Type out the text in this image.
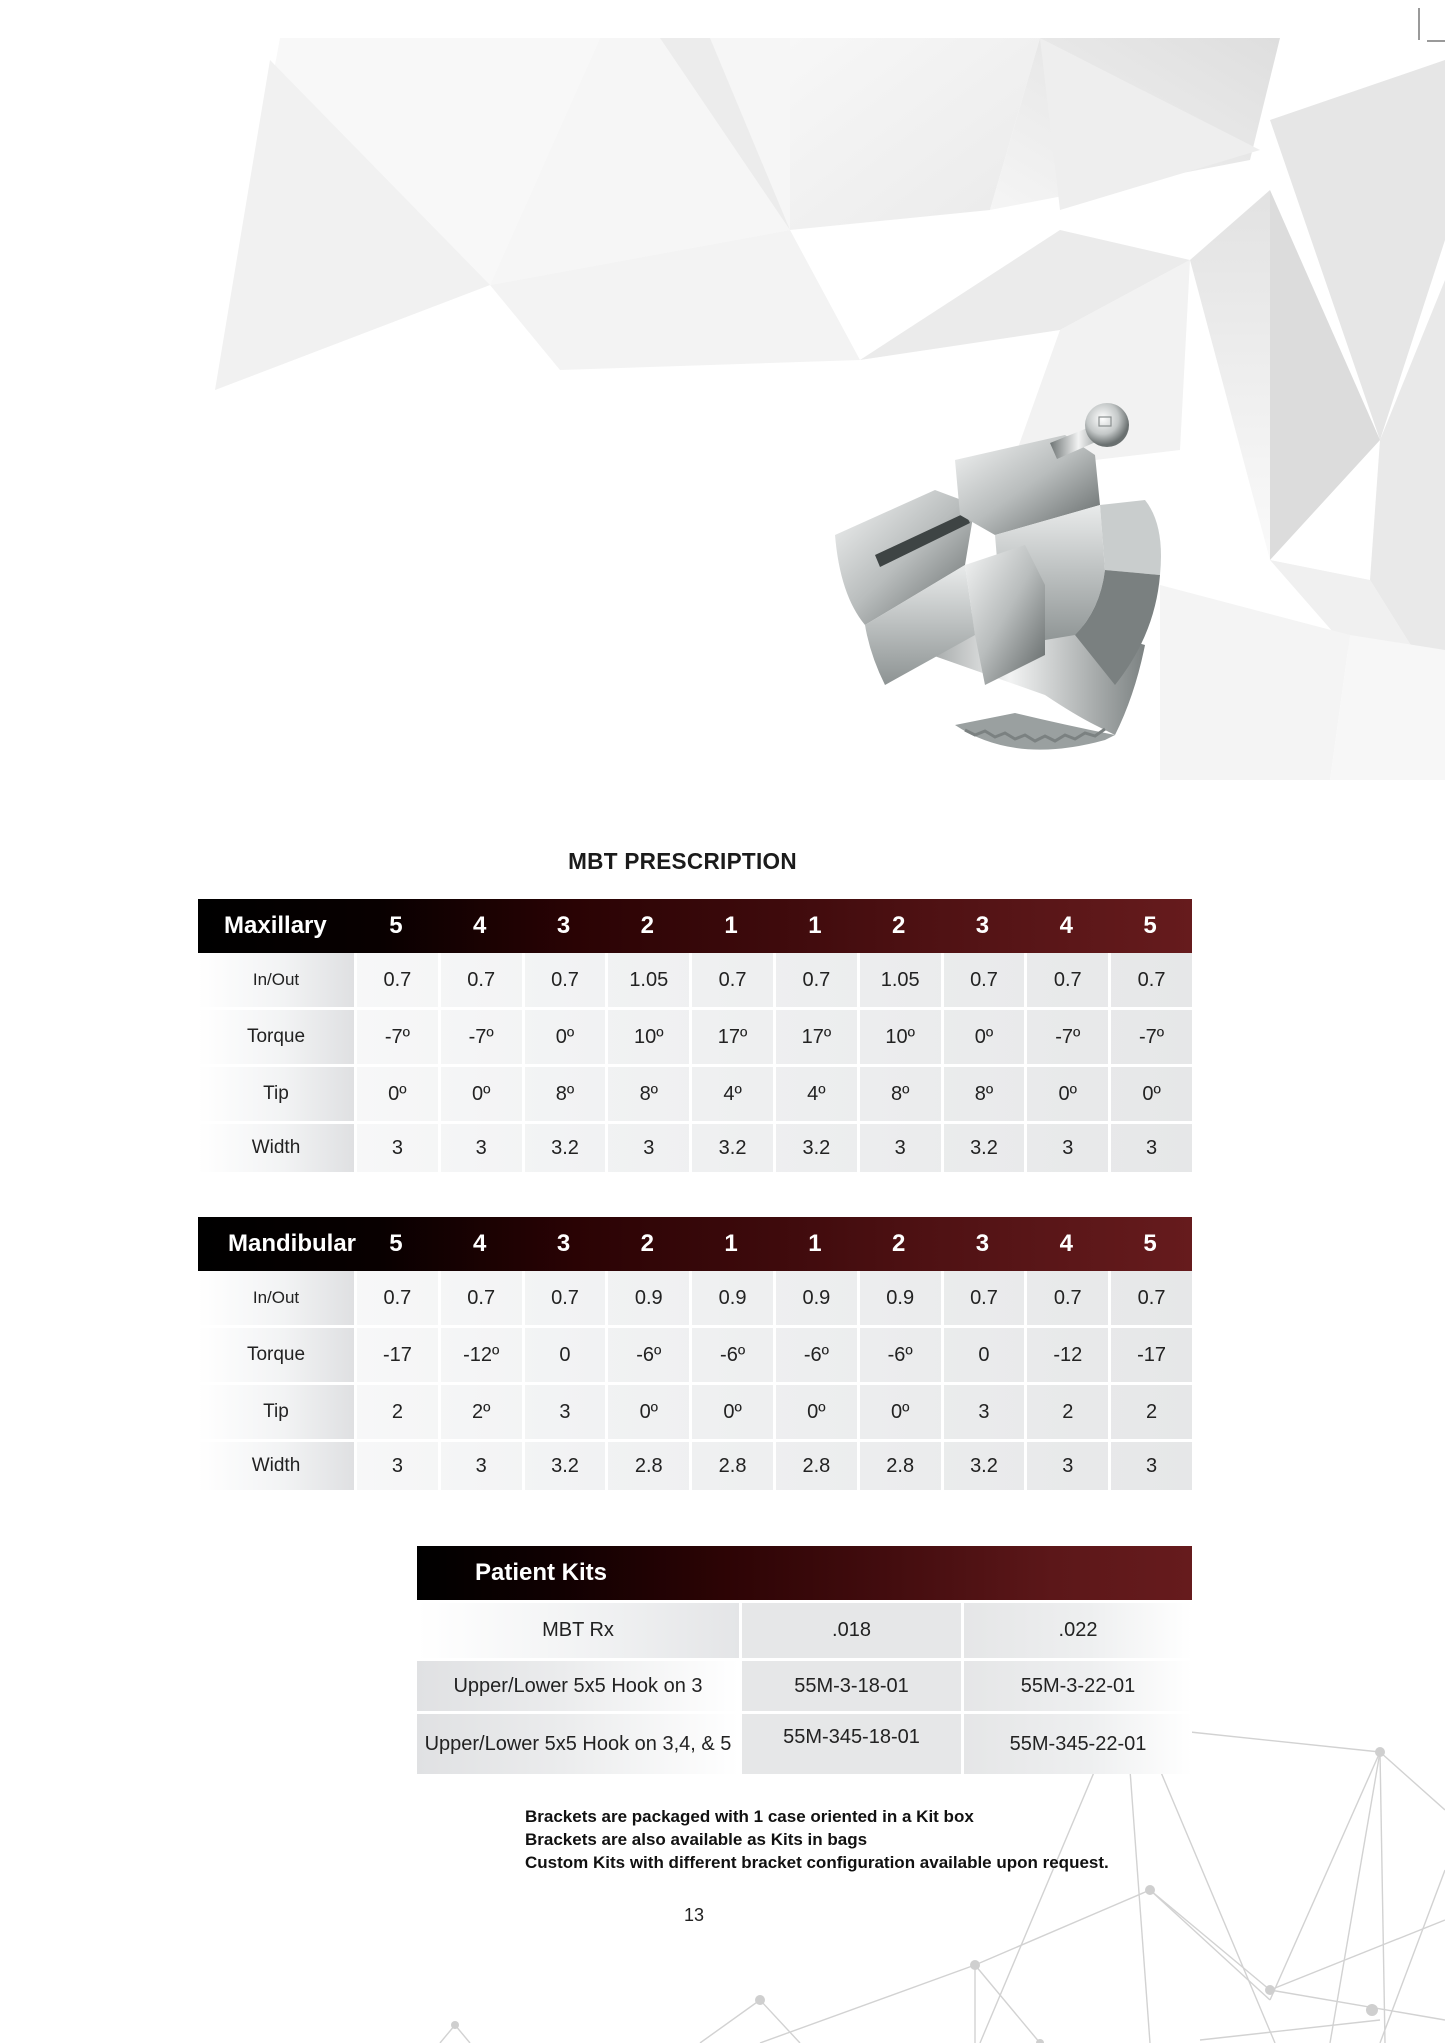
MBT PRESCRIPTION
Maxillary	5	4	3	2	1	1	2	3	4	5
In/Out	0.7	0.7	0.7	1.05	0.7	0.7	1.05	0.7	0.7	0.7
Torque	-7º	-7º	0º	10º	17º	17º	10º	0º	-7º	-7º
Tip	0º	0º	8º	8º	4º	4º	8º	8º	0º	0º
Width	3	3	3.2	3	3.2	3.2	3	3.2	3	3
Mandibular	5	4	3	2	1	1	2	3	4	5
In/Out	0.7	0.7	0.7	0.9	0.9	0.9	0.9	0.7	0.7	0.7
Torque	-17	-12º	0	-6º	-6º	-6º	-6º	0	-12	-17
Tip	2	2º	3	0º	0º	0º	0º	3	2	2
Width	3	3	3.2	2.8	2.8	2.8	2.8	3.2	3	3
Patient Kits
MBT Rx	.018	.022
Upper/Lower 5x5 Hook on 3	55M-3-18-01	55M-3-22-01
Upper/Lower 5x5 Hook on 3,4, & 5	55M-345-18-01	55M-345-22-01
Brackets are packaged with 1 case oriented in a Kit box
Brackets are also available as Kits in bags
Custom Kits with different bracket configuration available upon request.
13
